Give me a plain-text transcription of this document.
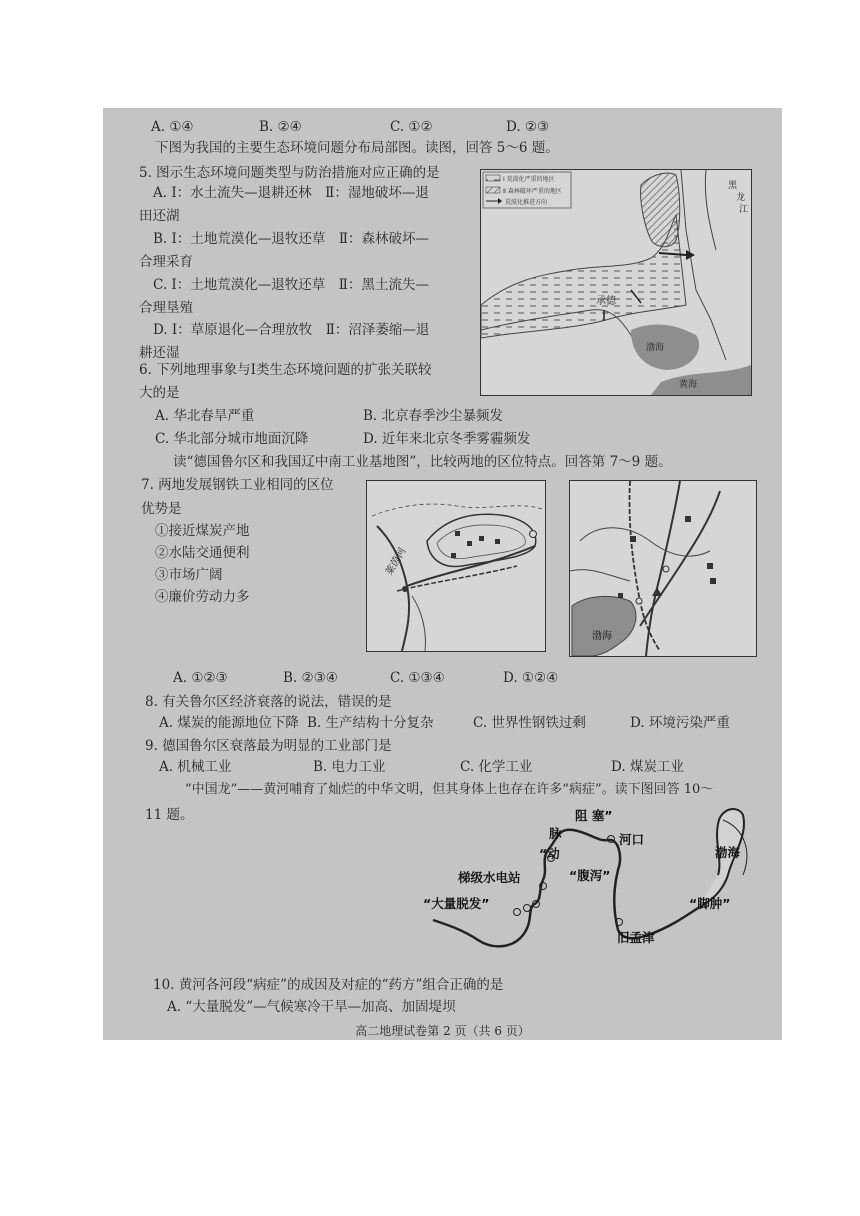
A. ①④	B. ②④	C. ①②	D. ②③
下图为我国的主要生态环境问题分布局部图。读图，回答 5～6 题。
5. 图示生态环境问题类型与防治措施对应正确的是
A. Ⅰ：水土流失—退耕还林　Ⅱ：湿地破坏—退
田还湖
B. Ⅰ：土地荒漠化—退牧还草　Ⅱ：森林破坏—
合理采育
C. Ⅰ：土地荒漠化—退牧还草　Ⅱ：黑土流失—
合理垦殖
D. Ⅰ：草原退化—合理放牧　Ⅱ：沼泽萎缩—退
耕还湿
Ⅰ 荒漠化严重的地区
Ⅱ 森林破坏严重的地区
荒漠化推进方向
承德
渤海
黄海
黑
龙
江
6. 下列地理事象与Ⅰ类生态环境问题的扩张关联较
大的是
A. 华北春旱严重	B. 北京春季沙尘暴频发
C. 华北部分城市地面沉降	D. 近年来北京冬季雾霾频发
读“德国鲁尔区和我国辽中南工业基地图”，比较两地的区位特点。回答第 7～9 题。
7. 两地发展钢铁工业相同的区位
优势是
①接近煤炭产地
②水陆交通便利
③市场广阔
④廉价劳动力多
莱茵河
渤海
A. ①②③	B. ②③④	C. ①③④	D. ①②④
8. 有关鲁尔区经济衰落的说法，错误的是
A. 煤炭的能源地位下降 B. 生产结构十分复杂	C. 世界性钢铁过剩	D. 环境污染严重
9. 德国鲁尔区衰落最为明显的工业部门是
A. 机械工业	B. 电力工业	C. 化学工业	D. 煤炭工业
“中国龙”——黄河哺育了灿烂的中华文明，但其身体上也存在许多“病症”。读下图回答 10～
11 题。	阻 塞”
脉
“动
河口
渤海
梯级水电站	“腹泻”
“大量脱发”	“脚肿”
旧孟津
10. 黄河各河段“病症”的成因及对症的“药方”组合正确的是
A. “大量脱发”—气候寒冷干旱—加高、加固堤坝
高二地理试卷第 2 页（共 6 页）
